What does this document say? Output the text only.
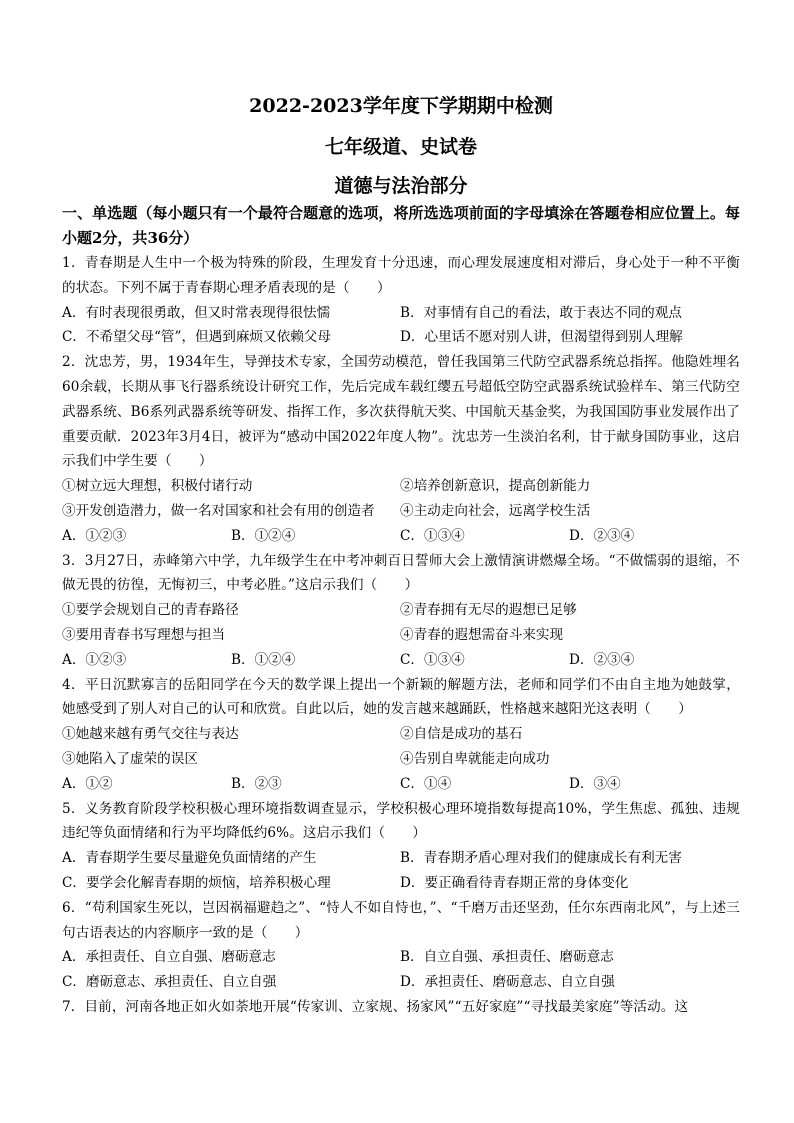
2022-2023学年度下学期期中检测

七年级道、史试卷

道德与法治部分

一、单选题（每小题只有一个最符合题意的选项，将所选选项前面的字母填涂在答题卷相应位置上。每小题2分，共36分）

1．青春期是人生中一个极为特殊的阶段，生理发育十分迅速，而心理发展速度相对滞后，身心处于一种不平衡的状态。下列不属于青春期心理矛盾表现的是（　　）

A．有时表现很勇敢，但又时常表现得很怯懦	B．对事情有自己的看法，敢于表达不同的观点
C．不希望父母“管”，但遇到麻烦又依赖父母	D．心里话不愿对别人讲，但渴望得到别人理解

2．沈忠芳，男，1934年生，导弹技术专家，全国劳动模范，曾任我国第三代防空武器系统总指挥。他隐姓埋名60余载，长期从事飞行器系统设计研究工作，先后完成车载红缨五号超低空防空武器系统试验样车、第三代防空武器系统、B6系列武器系统等研发、指挥工作，多次获得航天奖、中国航天基金奖，为我国国防事业发展作出了重要贡献．2023年3月4日，被评为“感动中国2022年度人物”。沈忠芳一生淡泊名利，甘于献身国防事业，这启示我们中学生要（　　）

①树立远大理想，积极付诸行动	②培养创新意识，提高创新能力
③开发创造潜力，做一名对国家和社会有用的创造者	④主动走向社会，远离学校生活
A．①②③	B．①②④	C．①③④	D．②③④

3．3月27日，赤峰第六中学，九年级学生在中考冲刺百日誓师大会上激情演讲燃爆全场。“不做懦弱的退缩，不做无畏的彷徨，无悔初三，中考必胜。”这启示我们（　　）

①要学会规划自己的青春路径	②青春拥有无尽的遐想已足够
③要用青春书写理想与担当	④青春的遐想需奋斗来实现
A．①②③	B．①②④	C．①③④	D．②③④

4．平日沉默寡言的岳阳同学在今天的数学课上提出一个新颖的解题方法，老师和同学们不由自主地为她鼓掌，她感受到了别人对自己的认可和欣赏。自此以后，她的发言越来越踊跃，性格越来越阳光这表明（　　）

①她越来越有勇气交往与表达	②自信是成功的基石
③她陷入了虚荣的误区	④告别自卑就能走向成功
A．①②	B．②③	C．①④	D．③④

5．义务教育阶段学校积极心理环境指数调查显示，学校积极心理环境指数每提高10%，学生焦虑、孤独、违规违纪等负面情绪和行为平均降低约6%。这启示我们（　　）

A．青春期学生要尽量避免负面情绪的产生	B．青春期矛盾心理对我们的健康成长有利无害
C．要学会化解青春期的烦恼，培养积极心理	D．要正确看待青春期正常的身体变化

6．“苟利国家生死以，岂因祸福避趋之”、“恃人不如自恃也，”、“千磨万击还坚劲，任尔东西南北风”，与上述三句古语表达的内容顺序一致的是（　　）

A．承担责任、自立自强、磨砺意志	B．自立自强、承担责任、磨砺意志
C．磨砺意志、承担责任、自立自强	D．承担责任、磨砺意志、自立自强

7．目前，河南各地正如火如荼地开展“传家训、立家规、扬家风”“五好家庭”“寻找最美家庭”等活动。这
